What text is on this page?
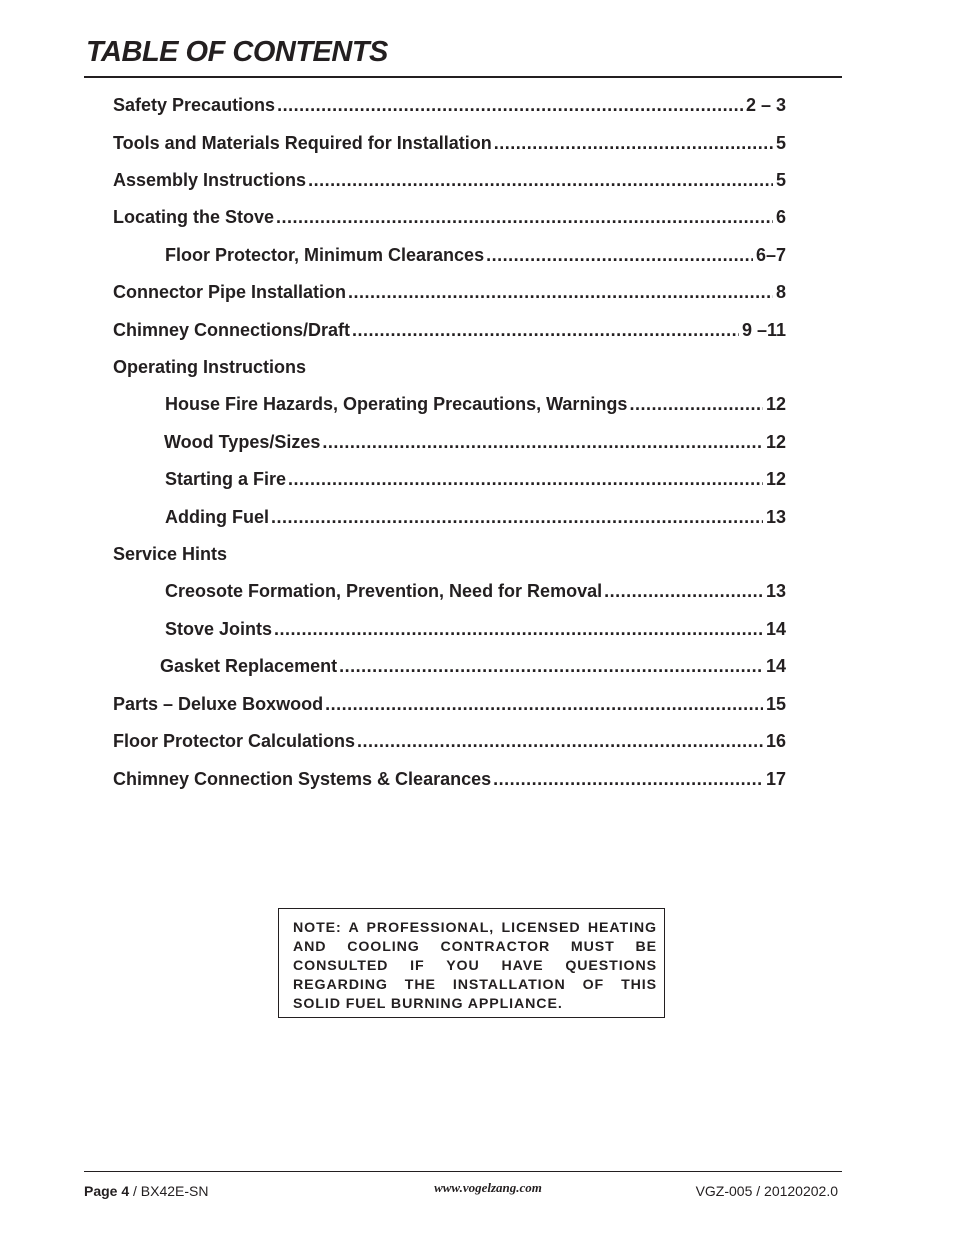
TABLE OF CONTENTS
Safety Precautions .....	2 – 3
Tools and Materials Required for Installation .....	5
Assembly Instructions .....	5
Locating the Stove .....	6
Floor Protector, Minimum Clearances .....	6–7
Connector Pipe Installation .....	8
Chimney Connections/Draft .....	9 –11
Operating Instructions
House Fire Hazards, Operating Precautions, Warnings .....	12
Wood Types/Sizes .....	12
Starting a Fire .....	12
Adding Fuel .....	13
Service Hints
Creosote Formation, Prevention, Need for Removal .....	13
Stove Joints .....	14
Gasket Replacement .....	14
Parts – Deluxe Boxwood .....	15
Floor Protector Calculations .....	16
Chimney Connection Systems & Clearances .....	17
NOTE: A PROFESSIONAL, LICENSED HEATING AND COOLING CONTRACTOR MUST BE CONSULTED IF YOU HAVE QUESTIONS REGARDING THE INSTALLATION OF THIS SOLID FUEL BURNING APPLIANCE.
Page 4 / BX42E-SN	www.vogelzang.com	VGZ-005 / 20120202.0
